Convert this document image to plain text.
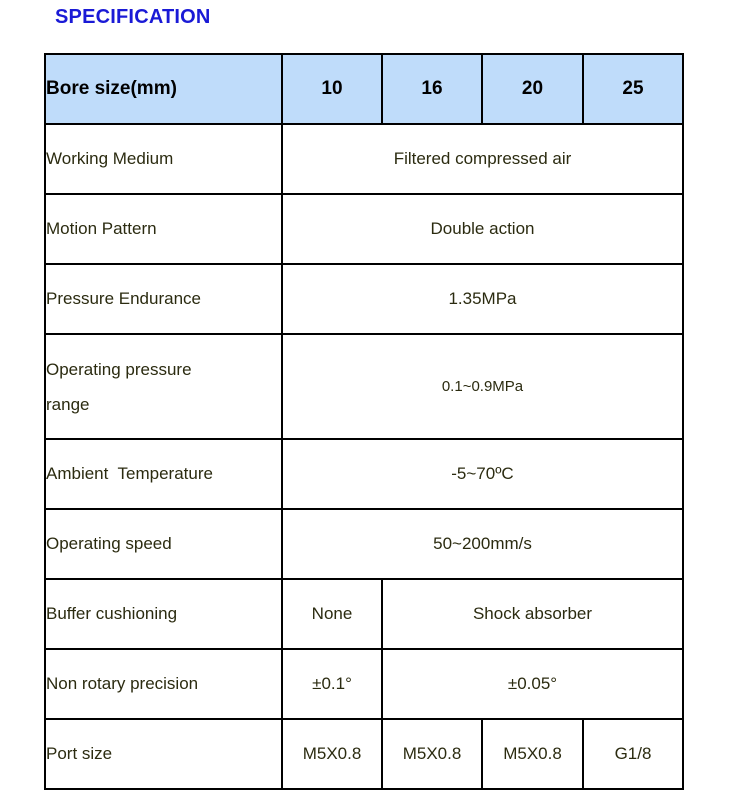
SPECIFICATION
Bore size(mm)	10	16	20	25
Working Medium	Filtered compressed air			
Motion Pattern	Double action			
Pressure Endurance	1.35MPa			

Operating pressure
range	0.1~0.9MPa			
Ambient  Temperature	-5~70ºC			
Operating speed	50~200mm/s			
Buffer cushioning	None	Shock absorber		
Non rotary precision	±0.1°	±0.05°		
Port size	M5X0.8	M5X0.8	M5X0.8	G1/8
